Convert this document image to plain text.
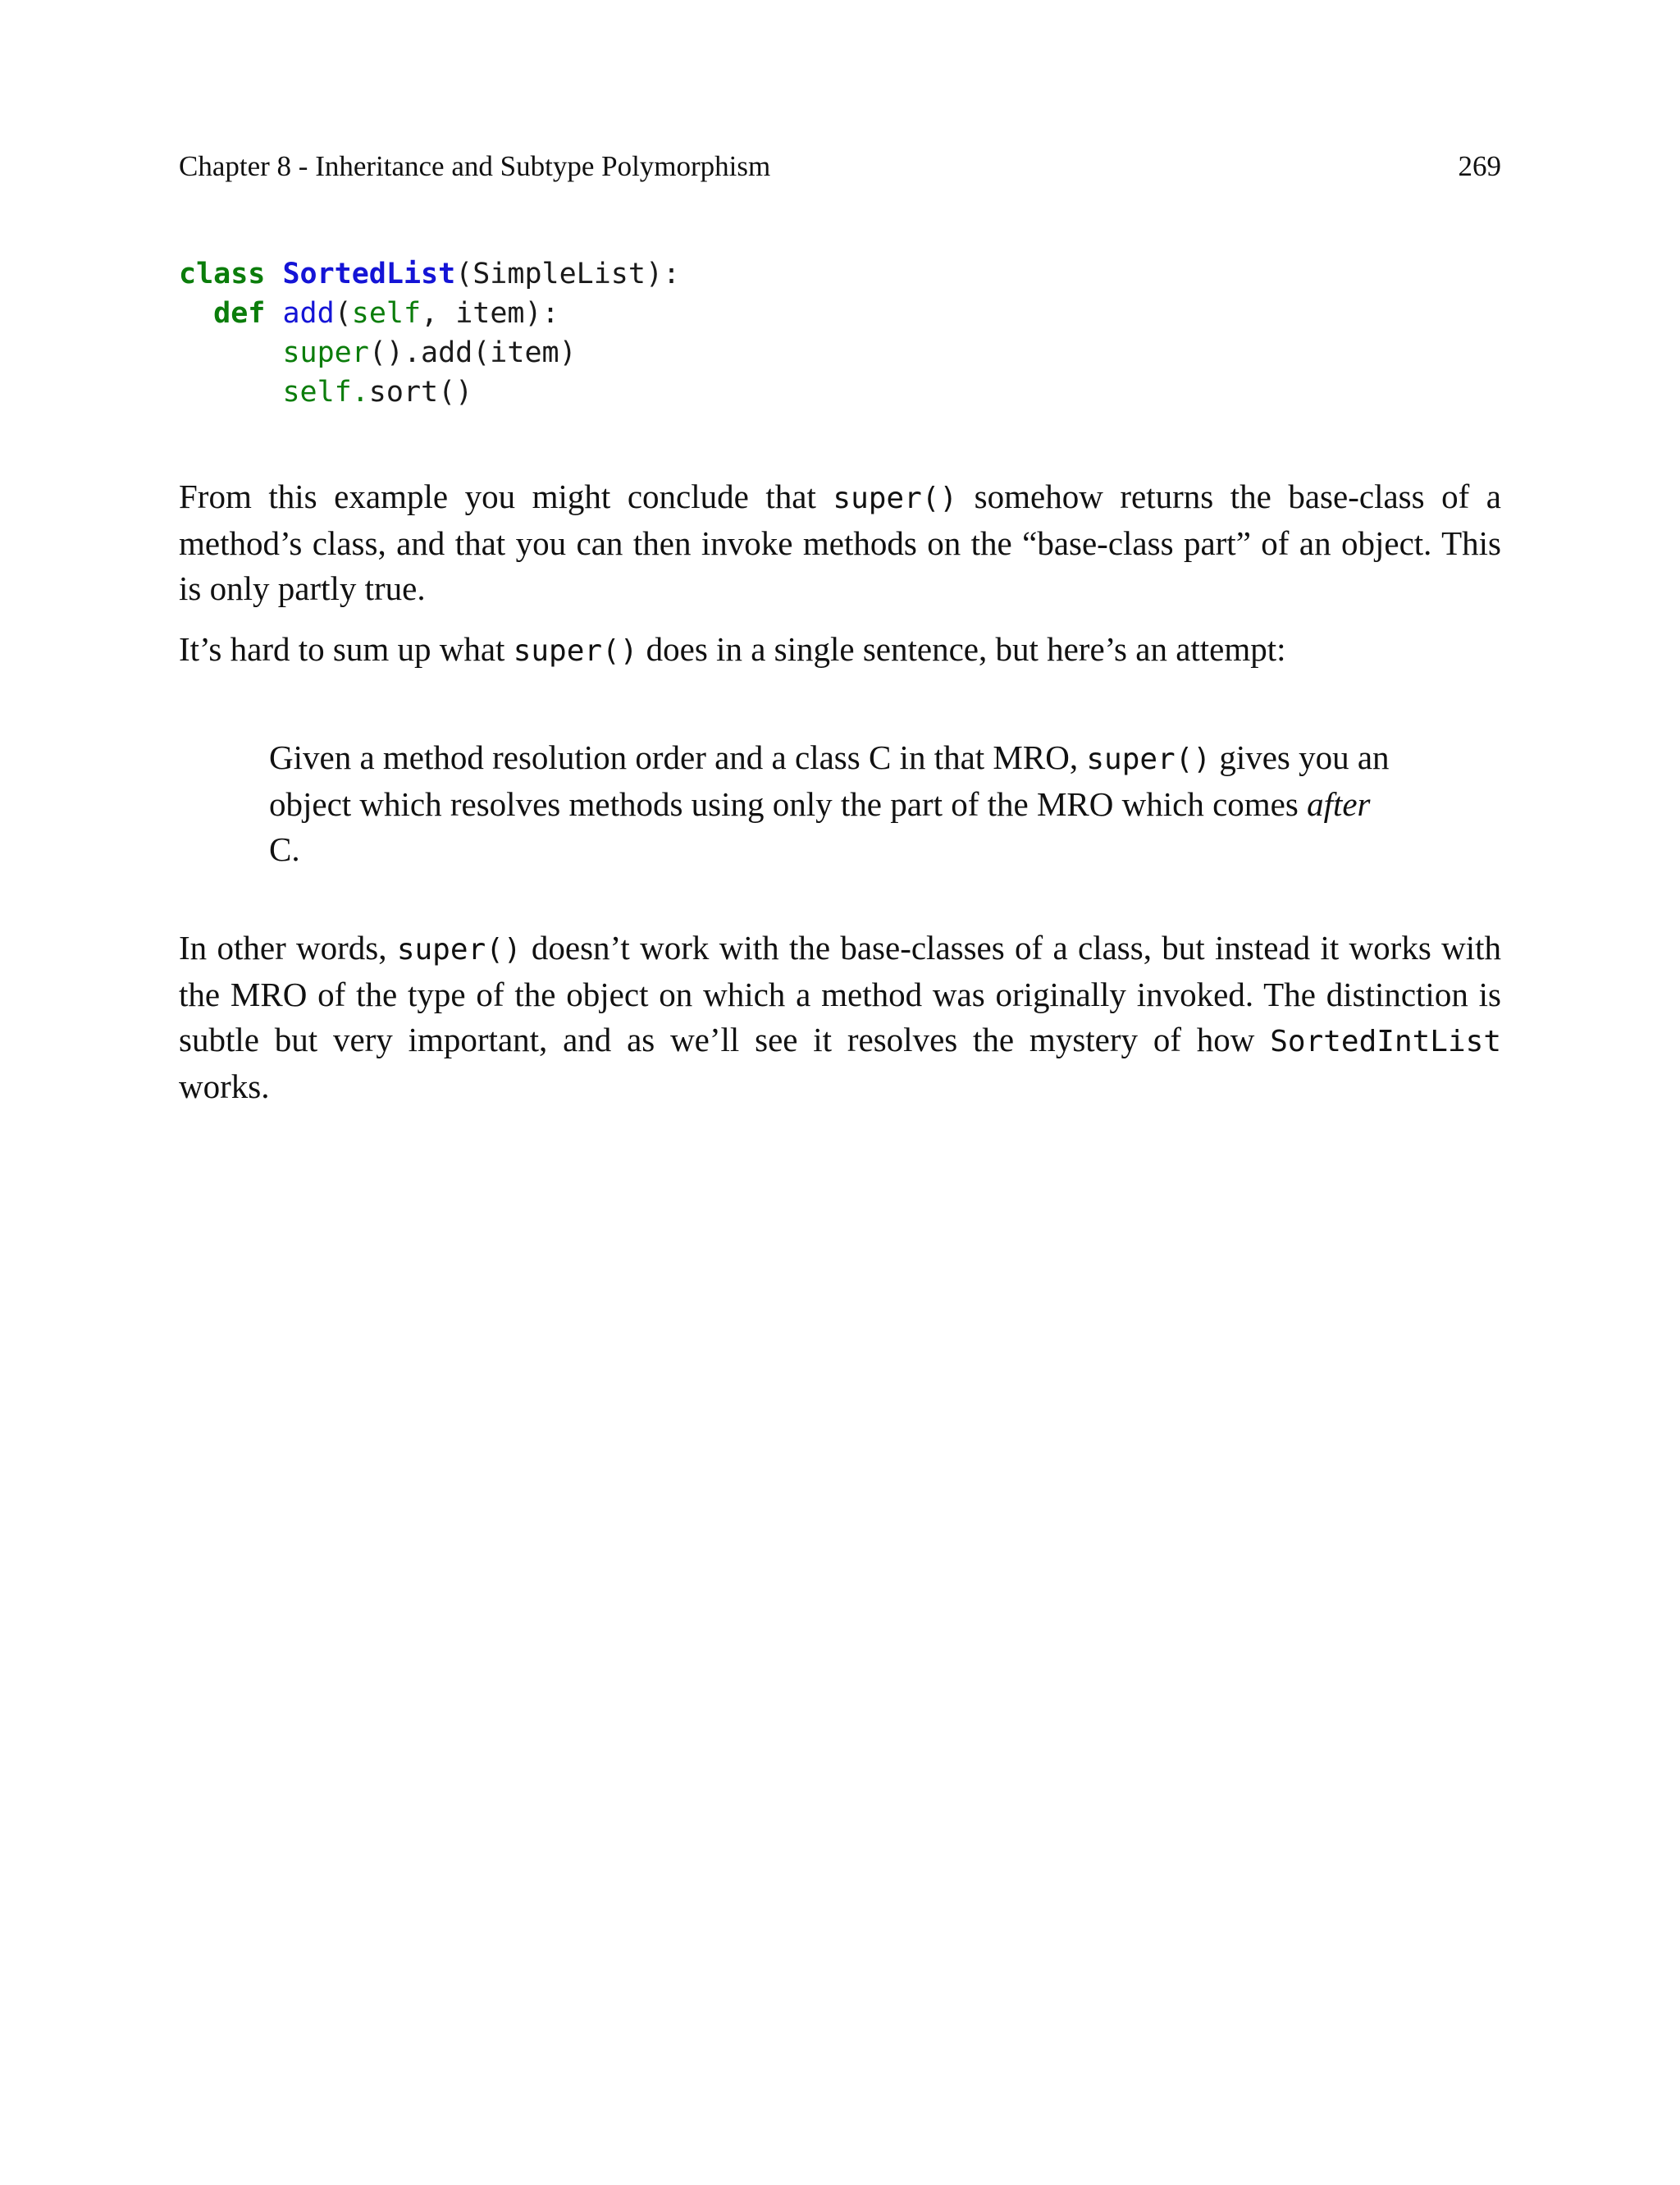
Chapter 8 - Inheritance and Subtype Polymorphism	269
class SortedList(SimpleList):
def add(self, item):
super().add(item)
self.sort()

From this example you might conclude that super() somehow returns the base-class of a method’s class, and that you can then invoke methods on the “base-class part” of an object. This is only partly true.

It’s hard to sum up what super() does in a single sentence, but here’s an attempt:

Given a method resolution order and a class C in that MRO, super() gives you an object which resolves methods using only the part of the MRO which comes after C.

In other words, super() doesn’t work with the base-classes of a class, but instead it works with the MRO of the type of the object on which a method was originally invoked. The distinction is subtle but very important, and as we’ll see it resolves the mystery of how SortedIntList works.
